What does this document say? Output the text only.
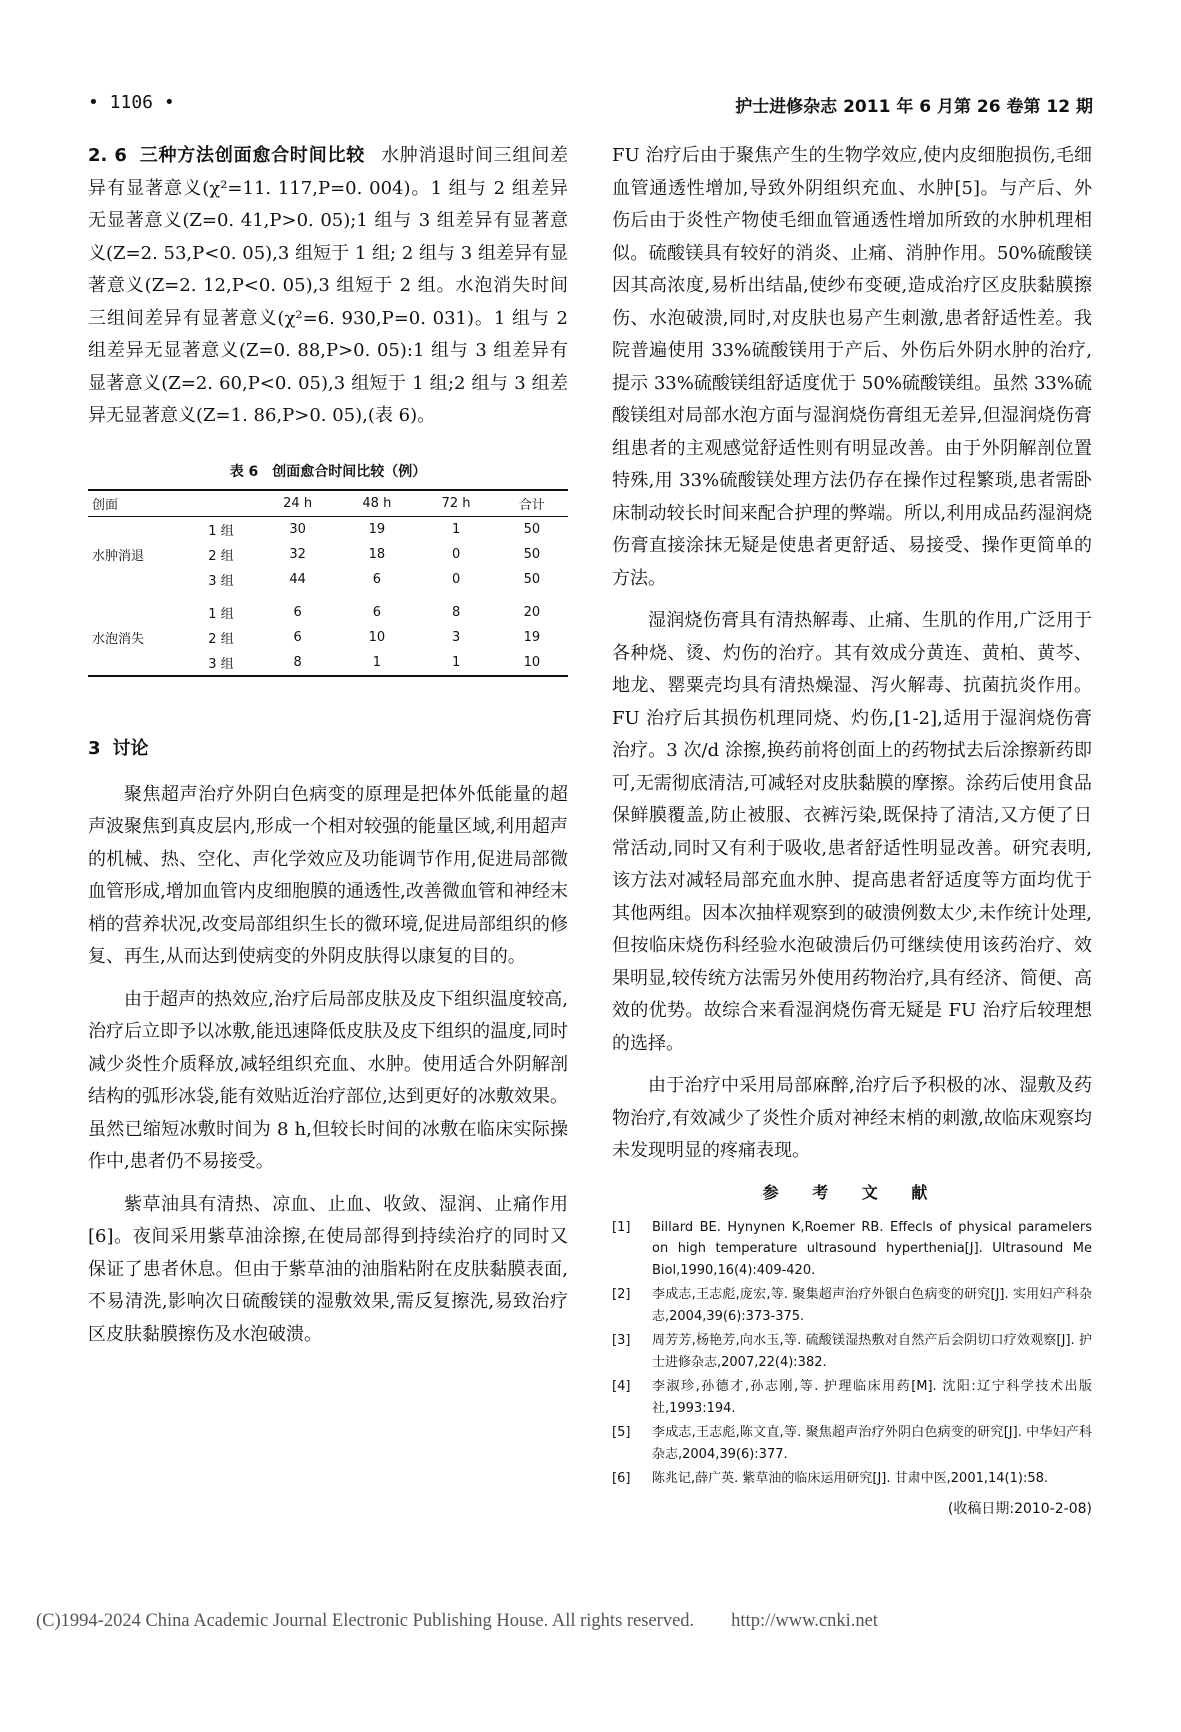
• 1106 •	护士进修杂志 2011 年 6 月第 26 卷第 12 期

2. 6 三种方法创面愈合时间比较 水肿消退时间三组间差异有显著意义(χ²=11. 117,P=0. 004)。1 组与 2 组差异无显著意义(Z=0. 41,P>0. 05);1 组与 3 组差异有显著意义(Z=2. 53,P<0. 05),3 组短于 1 组; 2 组与 3 组差异有显著意义(Z=2. 12,P<0. 05),3 组短于 2 组。水泡消失时间三组间差异有显著意义(χ²=6. 930,P=0. 031)。1 组与 2 组差异无显著意义(Z=0. 88,P>0. 05):1 组与 3 组差异有显著意义(Z=2. 60,P<0. 05),3 组短于 1 组;2 组与 3 组差异无显著意义(Z=1. 86,P>0. 05),(表 6)。

表 6　创面愈合时间比较（例）
创面		24 h	48 h	72 h	合计
	1 组	30	19	1	50
水肿消退	2 组	32	18	0	50
	3 组	44	6	0	50
	1 组	6	6	8	20
水泡消失	2 组	6	10	3	19
	3 组	8	1	1	10
3 讨论

聚焦超声治疗外阴白色病变的原理是把体外低能量的超声波聚焦到真皮层内,形成一个相对较强的能量区域,利用超声的机械、热、空化、声化学效应及功能调节作用,促进局部微血管形成,增加血管内皮细胞膜的通透性,改善微血管和神经末梢的营养状况,改变局部组织生长的微环境,促进局部组织的修复、再生,从而达到使病变的外阴皮肤得以康复的目的。

由于超声的热效应,治疗后局部皮肤及皮下组织温度较高,治疗后立即予以冰敷,能迅速降低皮肤及皮下组织的温度,同时减少炎性介质释放,减轻组织充血、水肿。使用适合外阴解剖结构的弧形冰袋,能有效贴近治疗部位,达到更好的冰敷效果。虽然已缩短冰敷时间为 8 h,但较长时间的冰敷在临床实际操作中,患者仍不易接受。

紫草油具有清热、凉血、止血、收敛、湿润、止痛作用[6]。夜间采用紫草油涂擦,在使局部得到持续治疗的同时又保证了患者休息。但由于紫草油的油脂粘附在皮肤黏膜表面,不易清洗,影响次日硫酸镁的湿敷效果,需反复擦洗,易致治疗区皮肤黏膜擦伤及水泡破溃。

FU 治疗后由于聚焦产生的生物学效应,使内皮细胞损伤,毛细血管通透性增加,导致外阴组织充血、水肿[5]。与产后、外伤后由于炎性产物使毛细血管通透性增加所致的水肿机理相似。硫酸镁具有较好的消炎、止痛、消肿作用。50%硫酸镁因其高浓度,易析出结晶,使纱布变硬,造成治疗区皮肤黏膜擦伤、水泡破溃,同时,对皮肤也易产生刺激,患者舒适性差。我院普遍使用 33%硫酸镁用于产后、外伤后外阴水肿的治疗,提示 33%硫酸镁组舒适度优于 50%硫酸镁组。虽然 33%硫酸镁组对局部水泡方面与湿润烧伤膏组无差异,但湿润烧伤膏组患者的主观感觉舒适性则有明显改善。由于外阴解剖位置特殊,用 33%硫酸镁处理方法仍存在操作过程繁琐,患者需卧床制动较长时间来配合护理的弊端。所以,利用成品药湿润烧伤膏直接涂抹无疑是使患者更舒适、易接受、操作更简单的方法。

湿润烧伤膏具有清热解毒、止痛、生肌的作用,广泛用于各种烧、烫、灼伤的治疗。其有效成分黄连、黄柏、黄芩、地龙、罂粟壳均具有清热燥湿、泻火解毒、抗菌抗炎作用。FU 治疗后其损伤机理同烧、灼伤,[1-2],适用于湿润烧伤膏治疗。3 次/d 涂擦,换药前将创面上的药物拭去后涂擦新药即可,无需彻底清洁,可减轻对皮肤黏膜的摩擦。涂药后使用食品保鲜膜覆盖,防止被服、衣裤污染,既保持了清洁,又方便了日常活动,同时又有利于吸收,患者舒适性明显改善。研究表明,该方法对减轻局部充血水肿、提高患者舒适度等方面均优于其他两组。因本次抽样观察到的破溃例数太少,未作统计处理,但按临床烧伤科经验水泡破溃后仍可继续使用该药治疗、效果明显,较传统方法需另外使用药物治疗,具有经济、简便、高效的优势。故综合来看湿润烧伤膏无疑是 FU 治疗后较理想的选择。

由于治疗中采用局部麻醉,治疗后予积极的冰、湿敷及药物治疗,有效减少了炎性介质对神经末梢的刺激,故临床观察均未发现明显的疼痛表现。

参 考 文 献
[1]	Billard BE. Hynynen K,Roemer RB. Effecls of physical paramelers on high temperature ultrasound hyperthenia[J]. Ultrasound Me Biol,1990,16(4):409-420.
[2]	李成志,王志彪,庞宏,等. 聚集超声治疗外银白色病变的研究[J]. 实用妇产科杂志,2004,39(6):373-375.
[3]	周芳芳,杨艳芳,向水玉,等. 硫酸镁湿热敷对自然产后会阴切口疗效观察[J]. 护士进修杂志,2007,22(4):382.
[4]	李淑珍,孙德才,孙志刚,等. 护理临床用药[M]. 沈阳:辽宁科学技术出版社,1993:194.
[5]	李成志,王志彪,陈文直,等. 聚焦超声治疗外阴白色病变的研究[J]. 中华妇产科杂志,2004,39(6):377.
[6]	陈兆记,薛广英. 紫草油的临床运用研究[J]. 甘肃中医,2001,14(1):58.
(收稿日期:2010-2-08)
(C)1994-2024 China Academic Journal Electronic Publishing House. All rights reserved.　　http://www.cnki.net
